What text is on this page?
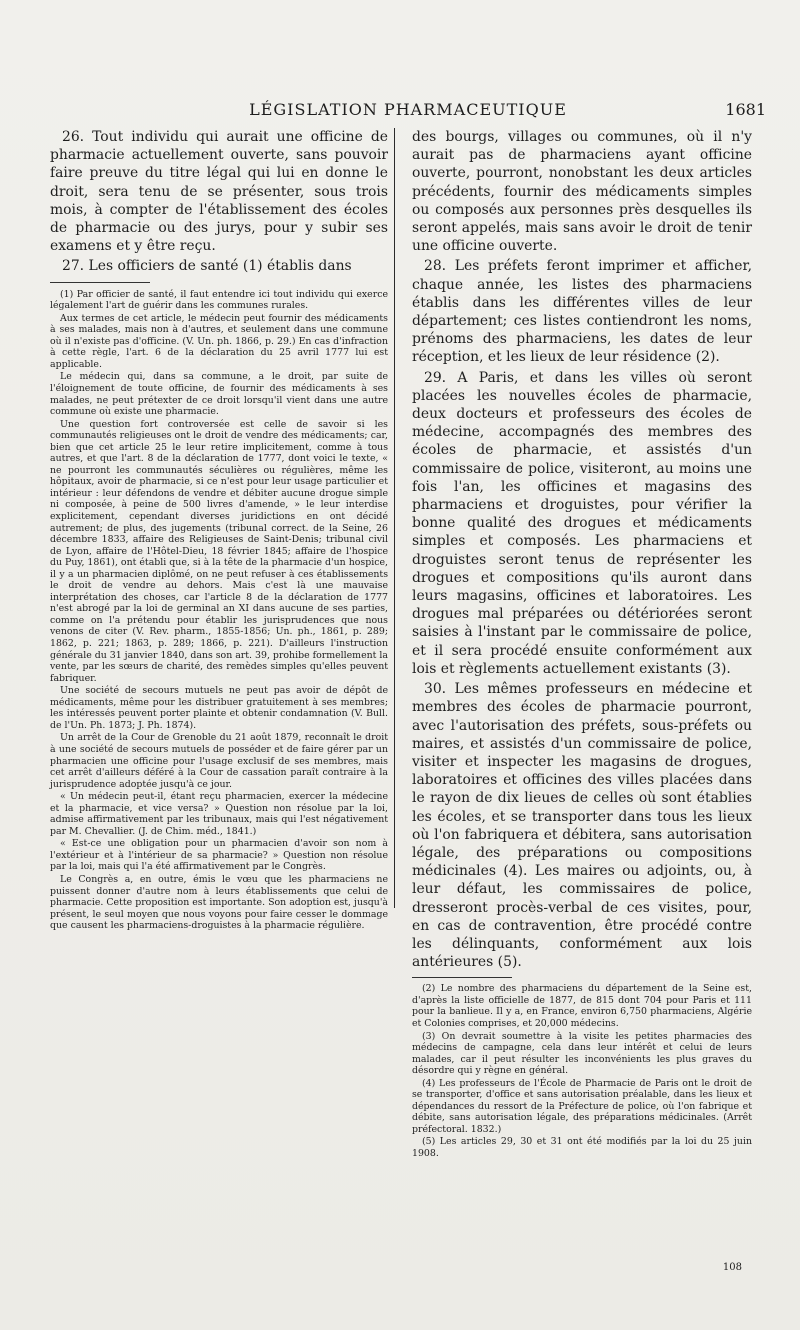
LÉGISLATION PHARMACEUTIQUE	1681

26. Tout individu qui aurait une officine de pharmacie actuellement ouverte, sans pouvoir faire preuve du titre légal qui lui en donne le droit, sera tenu de se présenter, sous trois mois, à compter de l'établissement des écoles de pharmacie ou des jurys, pour y subir ses examens et y être reçu.

27. Les officiers de santé (1) établis dans

(1) Par officier de santé, il faut entendre ici tout individu qui exerce légalement l'art de guérir dans les communes rurales.

Aux termes de cet article, le médecin peut fournir des médicaments à ses malades, mais non à d'autres, et seulement dans une commune où il n'existe pas d'officine. (V. Un. ph. 1866, p. 29.) En cas d'infraction à cette règle, l'art. 6 de la déclaration du 25 avril 1777 lui est applicable.

Le médecin qui, dans sa commune, a le droit, par suite de l'éloignement de toute officine, de fournir des médicaments à ses malades, ne peut prétexter de ce droit lorsqu'il vient dans une autre commune où existe une pharmacie.

Une question fort controversée est celle de savoir si les communautés religieuses ont le droit de vendre des médicaments; car, bien que cet article 25 le leur retire implicitement, comme à tous autres, et que l'art. 8 de la déclaration de 1777, dont voici le texte, « ne pourront les communautés séculières ou régulières, même les hôpitaux, avoir de pharmacie, si ce n'est pour leur usage particulier et intérieur : leur défendons de vendre et débiter aucune drogue simple ni composée, à peine de 500 livres d'amende, » le leur interdise explicitement, cependant diverses juridictions en ont décidé autrement; de plus, des jugements (tribunal correct. de la Seine, 26 décembre 1833, affaire des Religieuses de Saint-Denis; tribunal civil de Lyon, affaire de l'Hôtel-Dieu, 18 février 1845; affaire de l'hospice du Puy, 1861), ont établi que, si à la tête de la pharmacie d'un hospice, il y a un pharmacien diplômé, on ne peut refuser à ces établissements le droit de vendre au dehors. Mais c'est là une mauvaise interprétation des choses, car l'article 8 de la déclaration de 1777 n'est abrogé par la loi de germinal an XI dans aucune de ses parties, comme on l'a prétendu pour établir les jurisprudences que nous venons de citer (V. Rev. pharm., 1855-1856; Un. ph., 1861, p. 289; 1862, p. 221; 1863, p. 289; 1866, p. 221). D'ailleurs l'instruction générale du 31 janvier 1840, dans son art. 39, prohibe formellement la vente, par les sœurs de charité, des remèdes simples qu'elles peuvent fabriquer.

Une société de secours mutuels ne peut pas avoir de dépôt de médicaments, même pour les distribuer gratuitement à ses membres; les intéressés peuvent porter plainte et obtenir condamnation (V. Bull. de l'Un. Ph. 1873; J. Ph. 1874).

Un arrêt de la Cour de Grenoble du 21 août 1879, reconnaît le droit à une société de secours mutuels de posséder et de faire gérer par un pharmacien une officine pour l'usage exclusif de ses membres, mais cet arrêt d'ailleurs déféré à la Cour de cassation paraît contraire à la jurisprudence adoptée jusqu'à ce jour.

« Un médecin peut-il, étant reçu pharmacien, exercer la médecine et la pharmacie, et vice versa? » Question non résolue par la loi, admise affirmativement par les tribunaux, mais qui l'est négativement par M. Chevallier. (J. de Chim. méd., 1841.)

« Est-ce une obligation pour un pharmacien d'avoir son nom à l'extérieur et à l'intérieur de sa pharmacie? » Question non résolue par la loi, mais qui l'a été affirmativement par le Congrès.

Le Congrès a, en outre, émis le vœu que les pharmaciens ne puissent donner d'autre nom à leurs établissements que celui de pharmacie. Cette proposition est importante. Son adoption est, jusqu'à présent, le seul moyen que nous voyons pour faire cesser le dommage que causent les pharmaciens-droguistes à la pharmacie régulière.

des bourgs, villages ou communes, où il n'y aurait pas de pharmaciens ayant officine ouverte, pourront, nonobstant les deux articles précédents, fournir des médicaments simples ou composés aux personnes près desquelles ils seront appelés, mais sans avoir le droit de tenir une officine ouverte.

28. Les préfets feront imprimer et afficher, chaque année, les listes des pharmaciens établis dans les différentes villes de leur département; ces listes contiendront les noms, prénoms des pharmaciens, les dates de leur réception, et les lieux de leur résidence (2).

29. A Paris, et dans les villes où seront placées les nouvelles écoles de pharmacie, deux docteurs et professeurs des écoles de médecine, accompagnés des membres des écoles de pharmacie, et assistés d'un commissaire de police, visiteront, au moins une fois l'an, les officines et magasins des pharmaciens et droguistes, pour vérifier la bonne qualité des drogues et médicaments simples et composés. Les pharmaciens et droguistes seront tenus de représenter les drogues et compositions qu'ils auront dans leurs magasins, officines et laboratoires. Les drogues mal préparées ou détériorées seront saisies à l'instant par le commissaire de police, et il sera procédé ensuite conformément aux lois et règlements actuellement existants (3).

30. Les mêmes professeurs en médecine et membres des écoles de pharmacie pourront, avec l'autorisation des préfets, sous-préfets ou maires, et assistés d'un commissaire de police, visiter et inspecter les magasins de drogues, laboratoires et officines des villes placées dans le rayon de dix lieues de celles où sont établies les écoles, et se transporter dans tous les lieux où l'on fabriquera et débitera, sans autorisation légale, des préparations ou compositions médicinales (4). Les maires ou adjoints, ou, à leur défaut, les commissaires de police, dresseront procès-verbal de ces visites, pour, en cas de contravention, être procédé contre les délinquants, conformément aux lois antérieures (5).

(2) Le nombre des pharmaciens du département de la Seine est, d'après la liste officielle de 1877, de 815 dont 704 pour Paris et 111 pour la banlieue. Il y a, en France, environ 6,750 pharmaciens, Algérie et Colonies comprises, et 20,000 médecins.

(3) On devrait soumettre à la visite les petites pharmacies des médecins de campagne, cela dans leur intérêt et celui de leurs malades, car il peut résulter les inconvénients les plus graves du désordre qui y règne en général.

(4) Les professeurs de l'École de Pharmacie de Paris ont le droit de se transporter, d'office et sans autorisation préalable, dans les lieux et dépendances du ressort de la Préfecture de police, où l'on fabrique et débite, sans autorisation légale, des préparations médicinales. (Arrêt préfectoral. 1832.)

(5) Les articles 29, 30 et 31 ont été modifiés par la loi du 25 juin 1908.

108
